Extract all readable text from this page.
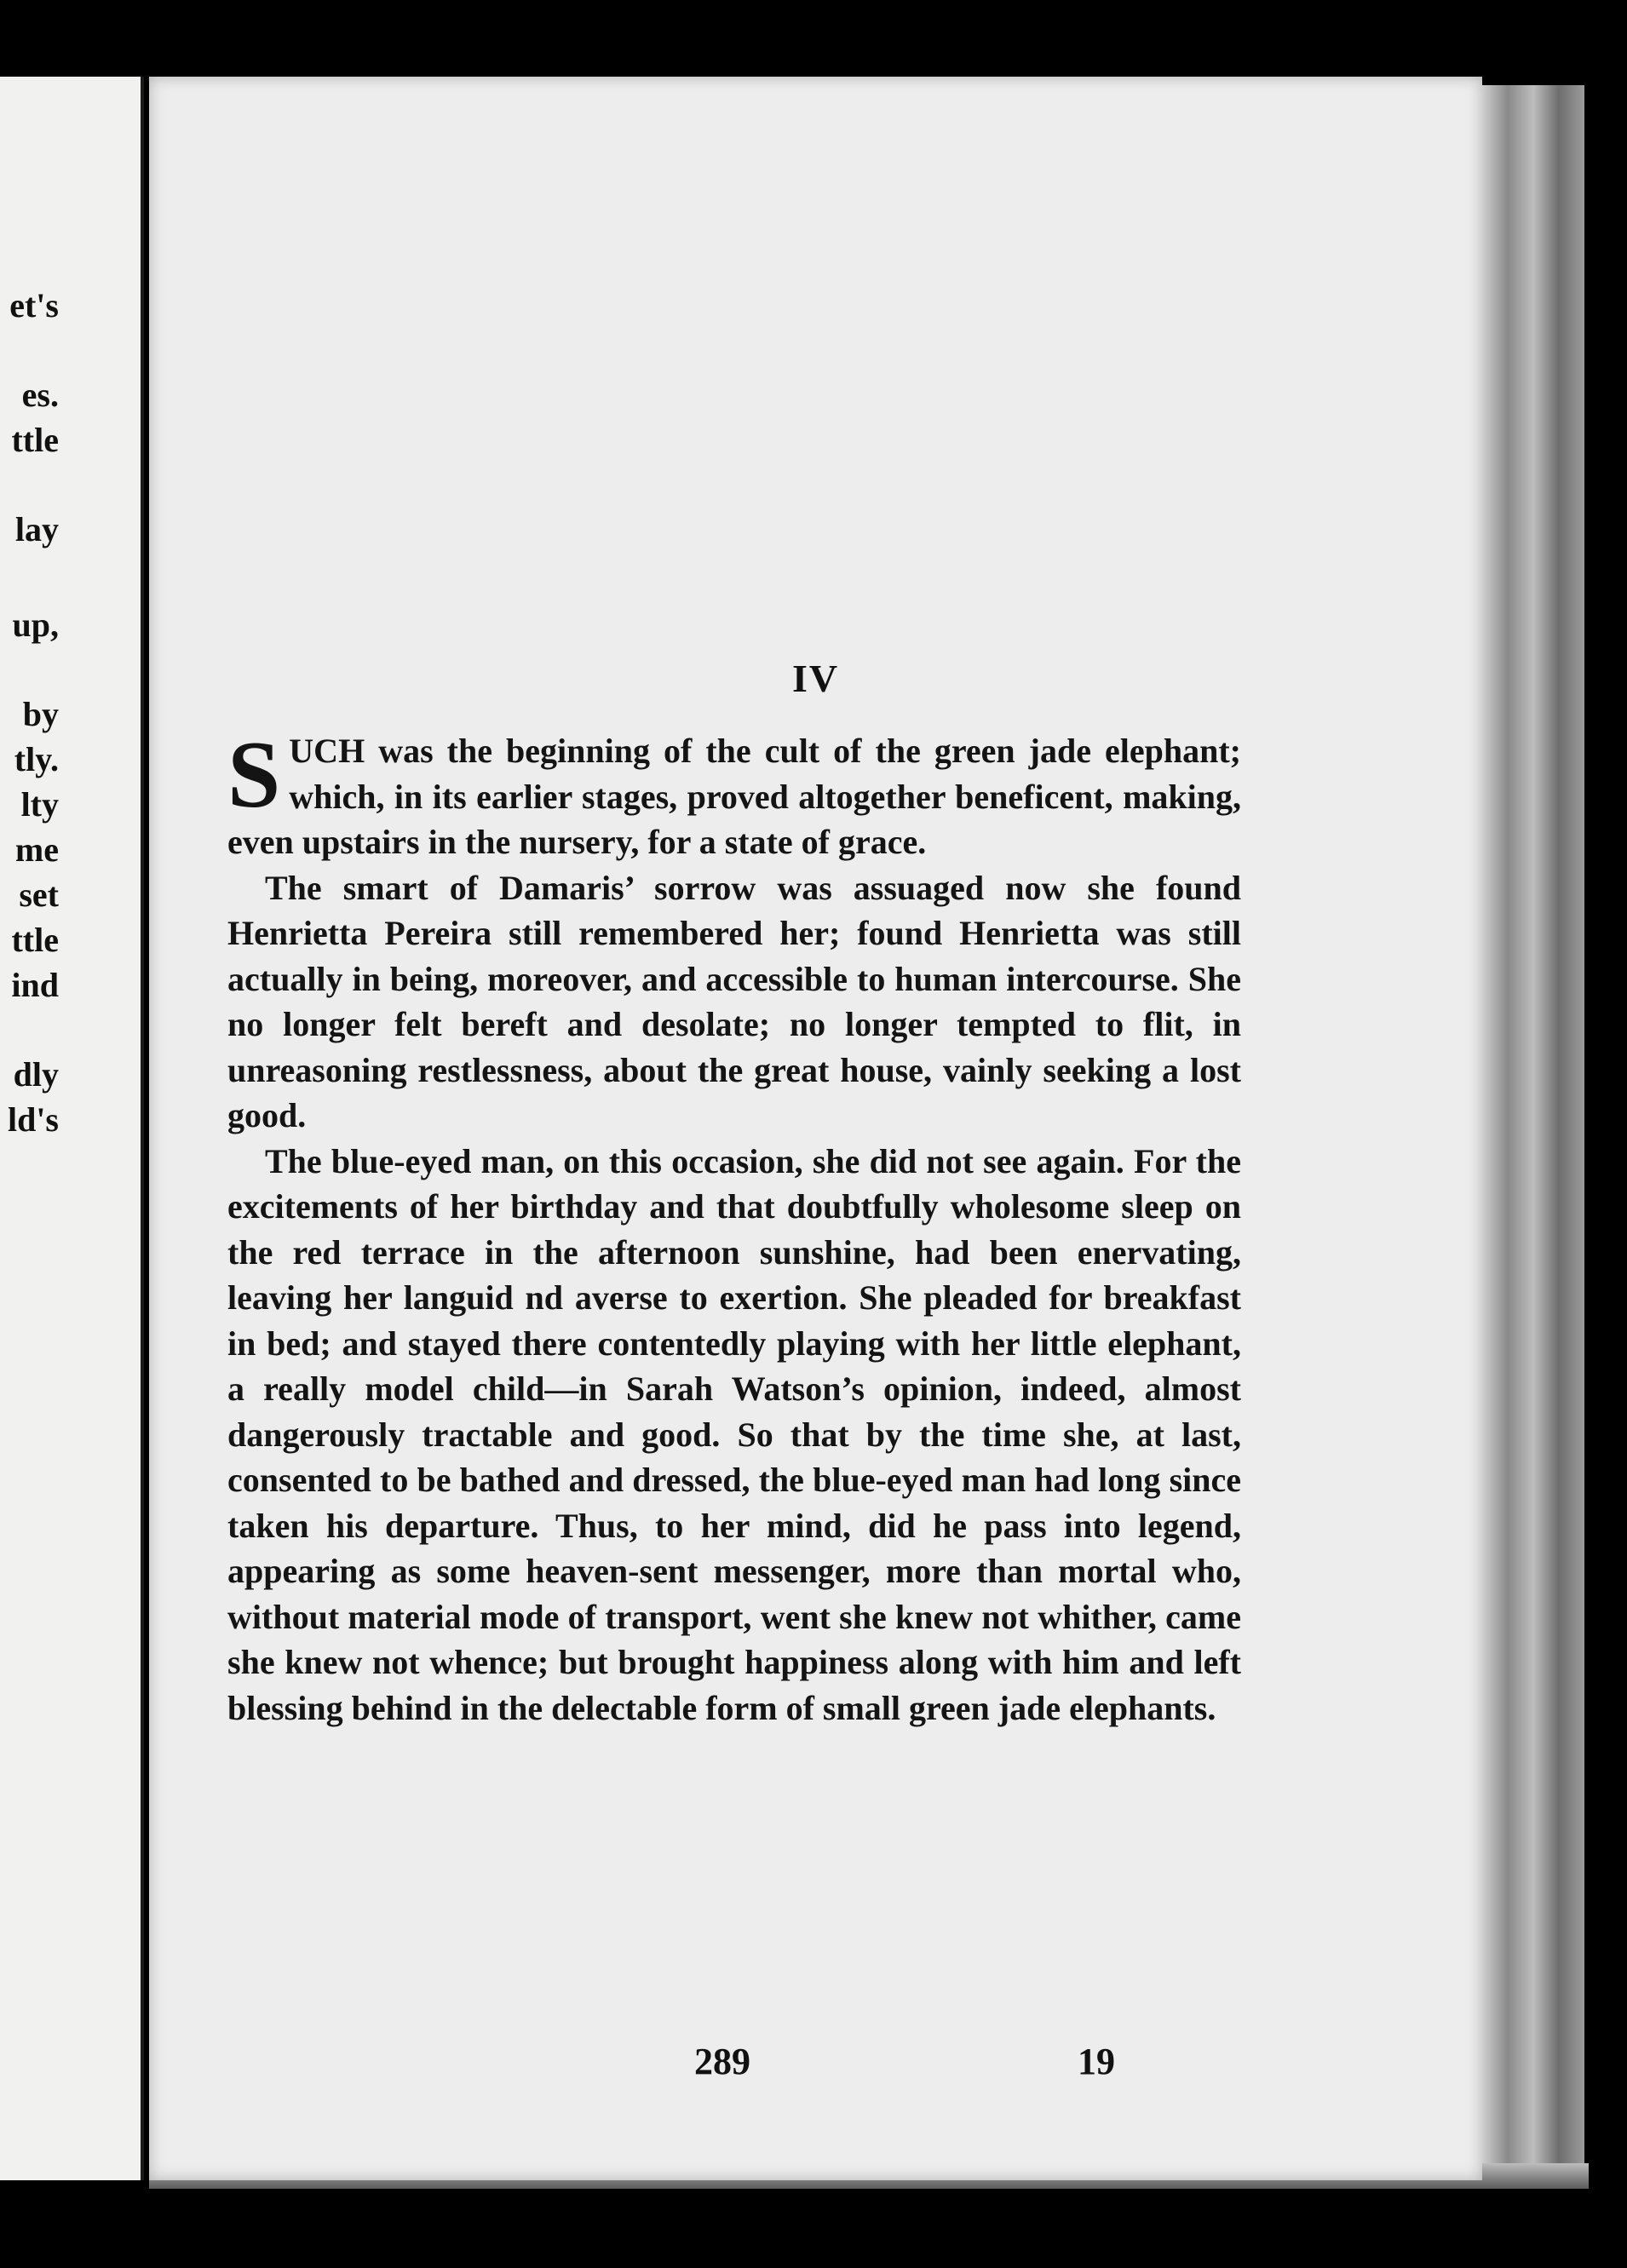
et's
es.
ttle
lay
up,
by
tly.
lty
me
set
ttle
ind
dly
ld's
IV

SUCH was the beginning of the cult of the green jade elephant; which, in its earlier stages, proved altogether beneficent, making, even upstairs in the nursery, for a state of grace.

The smart of Damaris’ sorrow was assuaged now she found Henrietta Pereira still remembered her; found Henrietta was still actually in being, moreover, and accessible to human intercourse. She no longer felt bereft and desolate; no longer tempted to flit, in unreasoning restlessness, about the great house, vainly seeking a lost good.

The blue-eyed man, on this occasion, she did not see again. For the excitements of her birthday and that doubtfully wholesome sleep on the red terrace in the afternoon sunshine, had been enervating, leaving her languid nd averse to exertion. She pleaded for breakfast in bed; and stayed there contentedly playing with her little elephant, a really model child—in Sarah Watson’s opinion, indeed, almost dangerously tractable and good. So that by the time she, at last, consented to be bathed and dressed, the blue-eyed man had long since taken his departure. Thus, to her mind, did he pass into legend, appearing as some heaven-sent messenger, more than mortal who, without material mode of transport, went she knew not whither, came she knew not whence; but brought happiness along with him and left blessing behind in the delectable form of small green jade elephants.

289	19
